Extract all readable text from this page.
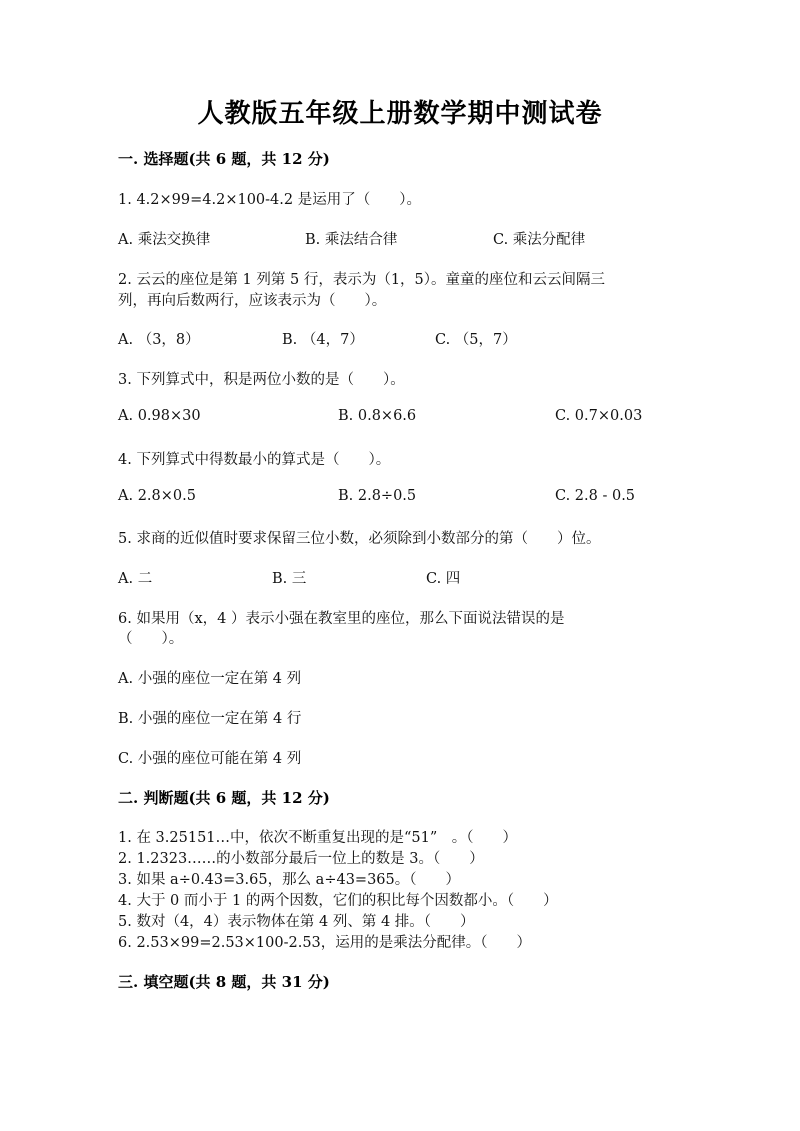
人教版五年级上册数学期中测试卷
一. 选择题(共 6 题，共 12 分)
1. 4.2×99=4.2×100-4.2 是运用了（　　）。
A. 乘法交换律	B. 乘法结合律	C. 乘法分配律
2. 云云的座位是第 1 列第 5 行，表示为（1，5）。童童的座位和云云间隔三
列，再向后数两行，应该表示为（　　）。
A. （3，8）	B. （4，7）	C. （5，7）
3. 下列算式中，积是两位小数的是（　　）。
A. 0.98×30	B. 0.8×6.6	C. 0.7×0.03
4. 下列算式中得数最小的算式是（　　）。
A. 2.8×0.5	B. 2.8÷0.5	C. 2.8 - 0.5
5. 求商的近似值时要求保留三位小数，必须除到小数部分的第（　　）位。
A. 二	B. 三	C. 四
6. 如果用（x，4 ）表示小强在教室里的座位，那么下面说法错误的是
（　　）。
A. 小强的座位一定在第 4 列
B. 小强的座位一定在第 4 行
C. 小强的座位可能在第 4 列
二. 判断题(共 6 题，共 12 分)
1. 在 3.25151…中，依次不断重复出现的是“51”　。（　　）
2. 1.2323……的小数部分最后一位上的数是 3。（　　）
3. 如果 a÷0.43=3.65，那么 a÷43=365。（　　）
4. 大于 0 而小于 1 的两个因数，它们的积比每个因数都小。（　　）
5. 数对（4，4）表示物体在第 4 列、第 4 排。（　　）
6. 2.53×99=2.53×100-2.53，运用的是乘法分配律。（　　）
三. 填空题(共 8 题，共 31 分)
